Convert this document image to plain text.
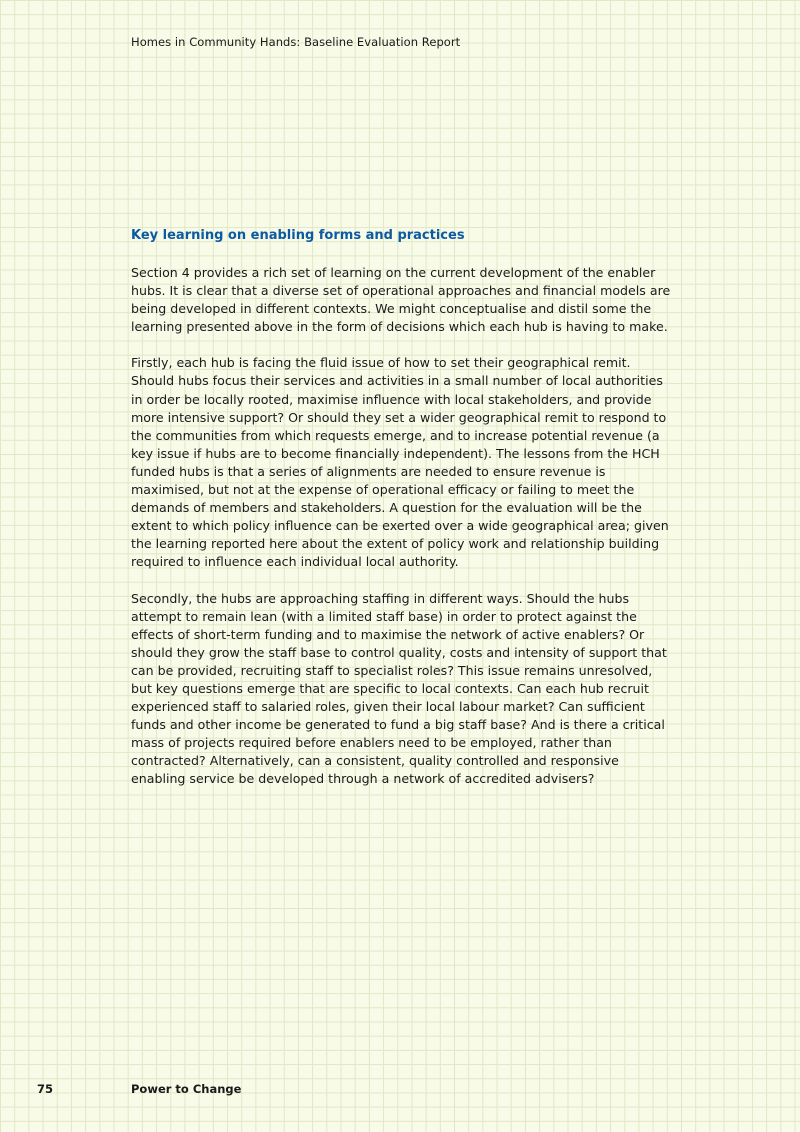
Homes in Community Hands: Baseline Evaluation Report
Key learning on enabling forms and practices

Section 4 provides a rich set of learning on the current development of the enabler hubs. It is clear that a diverse set of operational approaches and financial models are being developed in different contexts. We might conceptualise and distil some the learning presented above in the form of decisions which each hub is having to make.

Firstly, each hub is facing the fluid issue of how to set their geographical remit. Should hubs focus their services and activities in a small number of local authorities in order be locally rooted, maximise influence with local stakeholders, and provide more intensive support? Or should they set a wider geographical remit to respond to the communities from which requests emerge, and to increase potential revenue (a key issue if hubs are to become financially independent). The lessons from the HCH funded hubs is that a series of alignments are needed to ensure revenue is maximised, but not at the expense of operational efficacy or failing to meet the demands of members and stakeholders. A question for the evaluation will be the extent to which policy influence can be exerted over a wide geographical area; given the learning reported here about the extent of policy work and relationship building required to influence each individual local authority.

Secondly, the hubs are approaching staffing in different ways. Should the hubs attempt to remain lean (with a limited staff base) in order to protect against the effects of short-term funding and to maximise the network of active enablers? Or should they grow the staff base to control quality, costs and intensity of support that can be provided, recruiting staff to specialist roles? This issue remains unresolved, but key questions emerge that are specific to local contexts. Can each hub recruit experienced staff to salaried roles, given their local labour market? Can sufficient funds and other income be generated to fund a big staff base? And is there a critical mass of projects required before enablers need to be employed, rather than contracted? Alternatively, can a consistent, quality controlled and responsive enabling service be developed through a network of accredited advisers?

75	Power to Change
